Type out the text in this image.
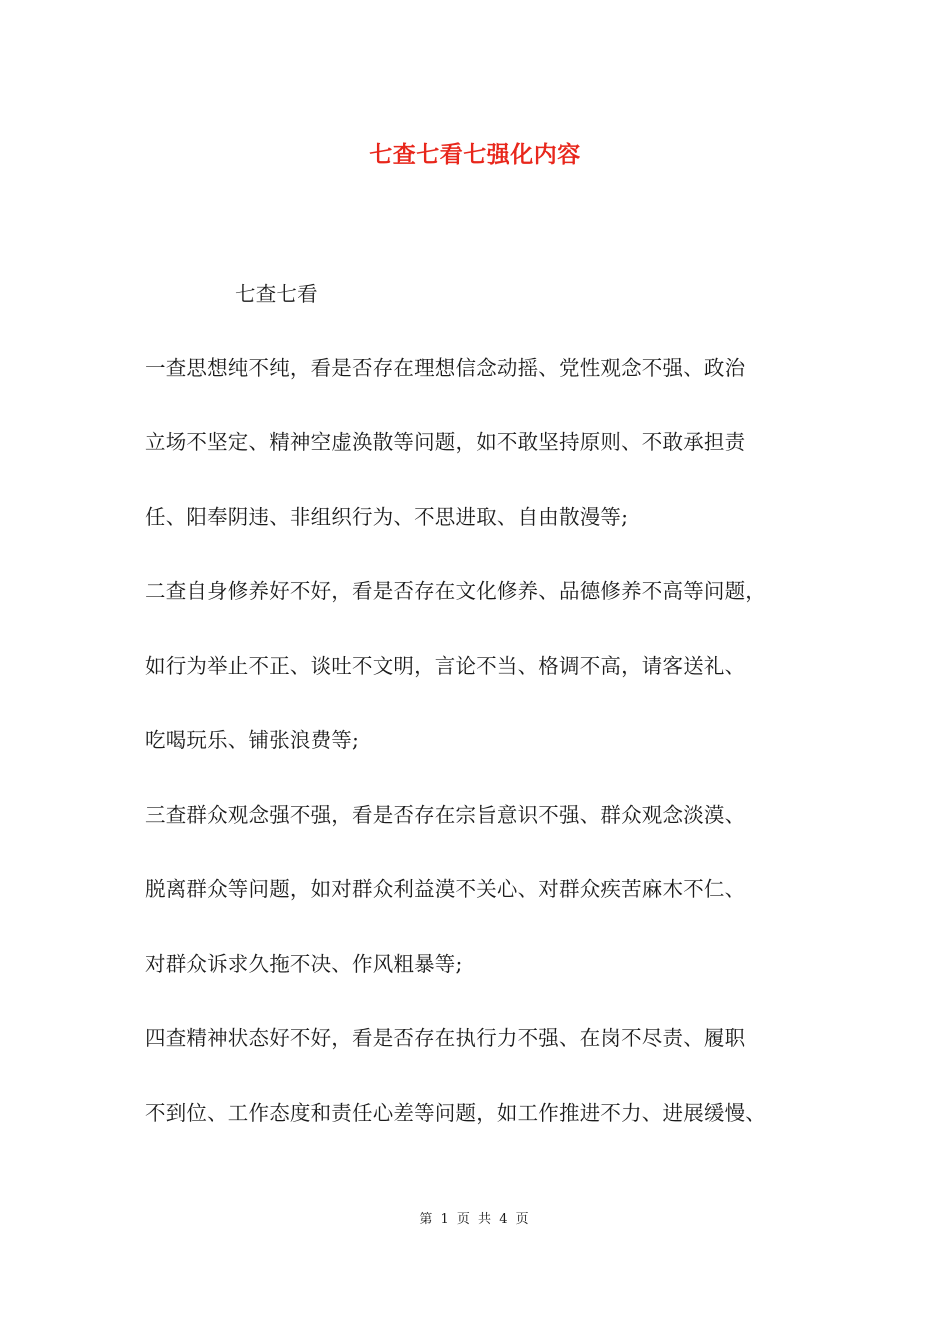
七查七看七强化内容
七查七看
一查思想纯不纯，看是否存在理想信念动摇、党性观念不强、政治
立场不坚定、精神空虚涣散等问题，如不敢坚持原则、不敢承担责
任、阳奉阴违、非组织行为、不思进取、自由散漫等;
二查自身修养好不好，看是否存在文化修养、品德修养不高等问题，
如行为举止不正、谈吐不文明，言论不当、格调不高，请客送礼、
吃喝玩乐、铺张浪费等;
三查群众观念强不强，看是否存在宗旨意识不强、群众观念淡漠、
脱离群众等问题，如对群众利益漠不关心、对群众疾苦麻木不仁、
对群众诉求久拖不决、作风粗暴等;
四查精神状态好不好，看是否存在执行力不强、在岗不尽责、履职
不到位、工作态度和责任心差等问题，如工作推进不力、进展缓慢、
第 1 页 共 4 页
